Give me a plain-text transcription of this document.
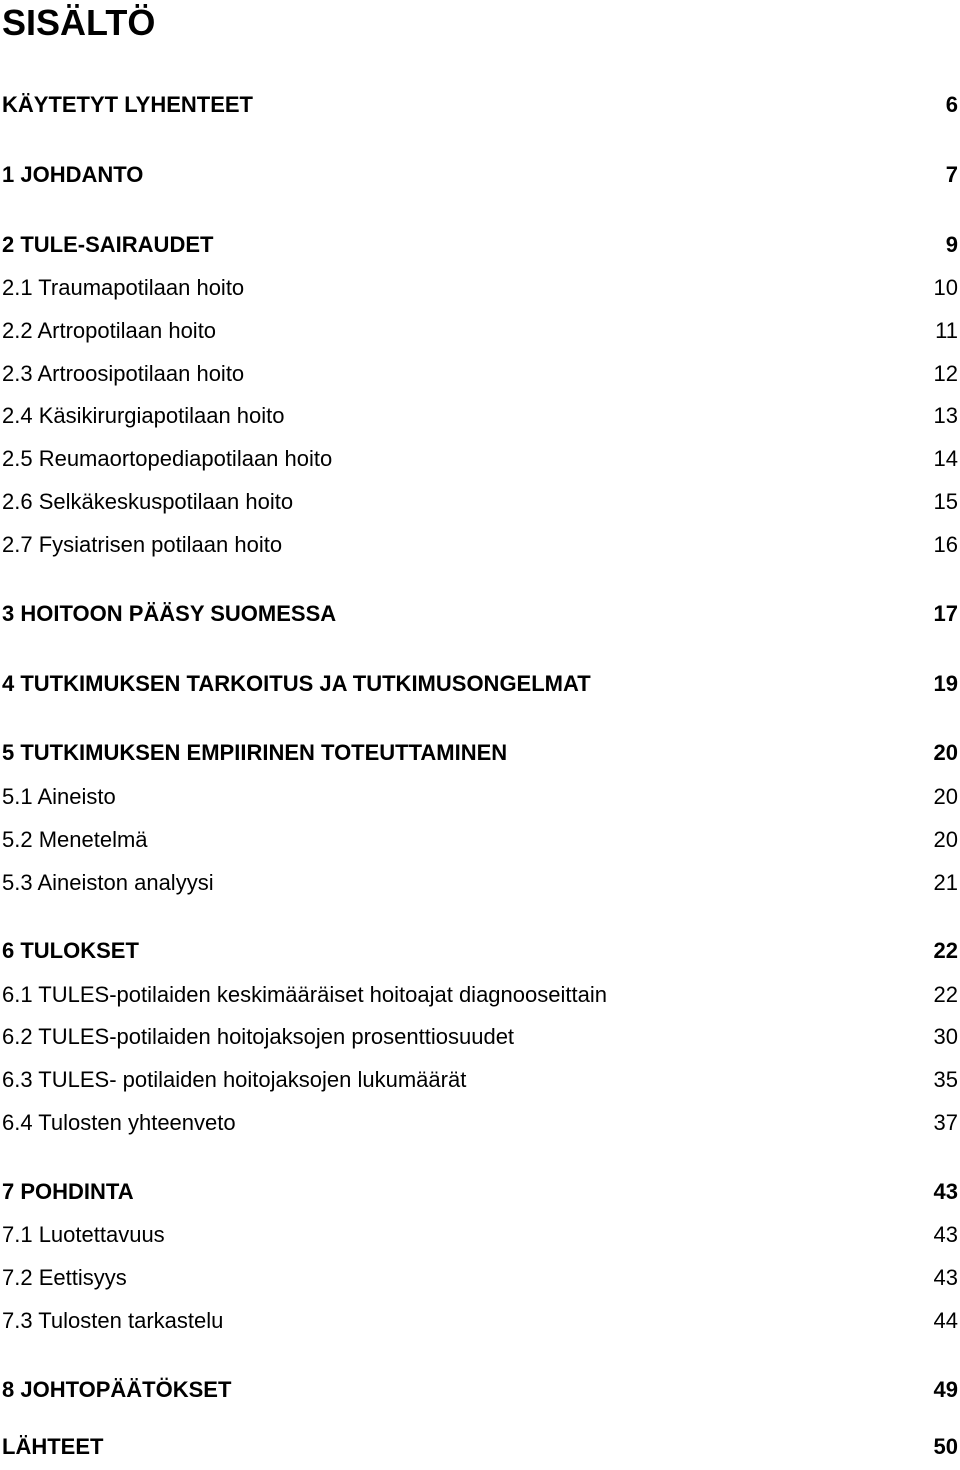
SISÄLTÖ
KÄYTETYT LYHENTEET	6
1 JOHDANTO	7
2 TULE-SAIRAUDET	9
2.1 Traumapotilaan hoito	10
2.2 Artropotilaan hoito	11
2.3 Artroosipotilaan hoito	12
2.4 Käsikirurgiapotilaan hoito	13
2.5 Reumaortopediapotilaan hoito	14
2.6 Selkäkeskuspotilaan hoito	15
2.7 Fysiatrisen potilaan hoito	16
3 HOITOON PÄÄSY SUOMESSA	17
4 TUTKIMUKSEN TARKOITUS JA TUTKIMUSONGELMAT	19
5 TUTKIMUKSEN EMPIIRINEN TOTEUTTAMINEN	20
5.1 Aineisto	20
5.2 Menetelmä	20
5.3 Aineiston analyysi	21
6 TULOKSET	22
6.1 TULES-potilaiden keskimääräiset hoitoajat diagnooseittain	22
6.2 TULES-potilaiden hoitojaksojen prosenttiosuudet	30
6.3 TULES- potilaiden hoitojaksojen lukumäärät	35
6.4 Tulosten yhteenveto	37
7 POHDINTA	43
7.1 Luotettavuus	43
7.2 Eettisyys	43
7.3 Tulosten tarkastelu	44
8 JOHTOPÄÄTÖKSET	49
LÄHTEET	50
